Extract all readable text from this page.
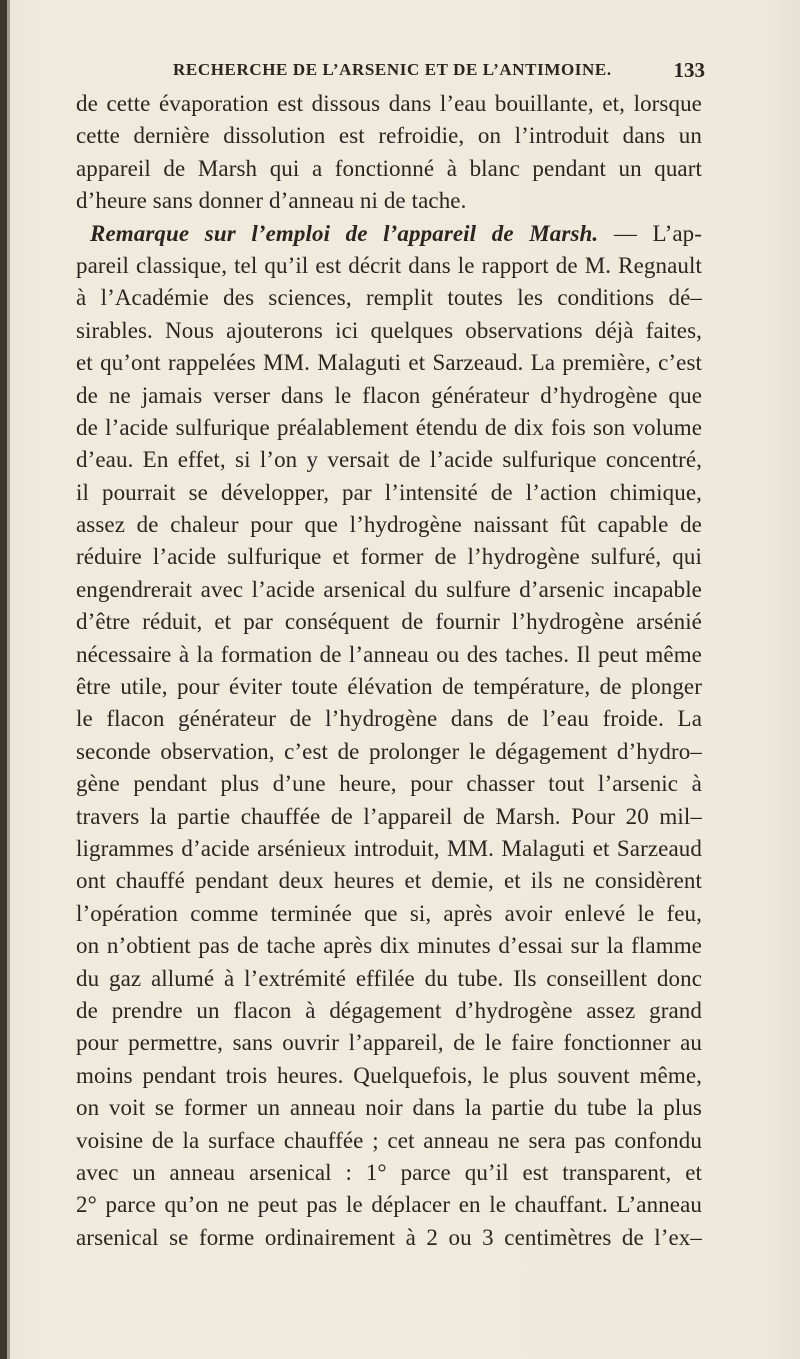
RECHERCHE DE L’ARSENIC ET DE L’ANTIMOINE.	133
de cette évaporation est dissous dans l’eau bouillante, et, lorsque
cette dernière dissolution est refroidie, on l’introduit dans un
appareil de Marsh qui a fonctionné à blanc pendant un quart
d’heure sans donner d’anneau ni de tache.
Remarque sur l’emploi de l’appareil de Marsh. — L’ap-
pareil classique, tel qu’il est décrit dans le rapport de M. Regnault
à l’Académie des sciences, remplit toutes les conditions dé–
sirables. Nous ajouterons ici quelques observations déjà faites,
et qu’ont rappelées MM. Malaguti et Sarzeaud. La première, c’est
de ne jamais verser dans le flacon générateur d’hydrogène que
de l’acide sulfurique préalablement étendu de dix fois son volume
d’eau. En effet, si l’on y versait de l’acide sulfurique concentré,
il pourrait se développer, par l’intensité de l’action chimique,
assez de chaleur pour que l’hydrogène naissant fût capable de
réduire l’acide sulfurique et former de l’hydrogène sulfuré, qui
engendrerait avec l’acide arsenical du sulfure d’arsenic incapable
d’être réduit, et par conséquent de fournir l’hydrogène arsénié
nécessaire à la formation de l’anneau ou des taches. Il peut même
être utile, pour éviter toute élévation de température, de plonger
le flacon générateur de l’hydrogène dans de l’eau froide. La
seconde observation, c’est de prolonger le dégagement d’hydro–
gène pendant plus d’une heure, pour chasser tout l’arsenic à
travers la partie chauffée de l’appareil de Marsh. Pour 20 mil–
ligrammes d’acide arsénieux introduit, MM. Malaguti et Sarzeaud
ont chauffé pendant deux heures et demie, et ils ne considèrent
l’opération comme terminée que si, après avoir enlevé le feu,
on n’obtient pas de tache après dix minutes d’essai sur la flamme
du gaz allumé à l’extrémité effilée du tube. Ils conseillent donc
de prendre un flacon à dégagement d’hydrogène assez grand
pour permettre, sans ouvrir l’appareil, de le faire fonctionner au
moins pendant trois heures. Quelquefois, le plus souvent même,
on voit se former un anneau noir dans la partie du tube la plus
voisine de la surface chauffée ; cet anneau ne sera pas confondu
avec un anneau arsenical : 1° parce qu’il est transparent, et
2° parce qu’on ne peut pas le déplacer en le chauffant. L’anneau
arsenical se forme ordinairement à 2 ou 3 centimètres de l’ex–
